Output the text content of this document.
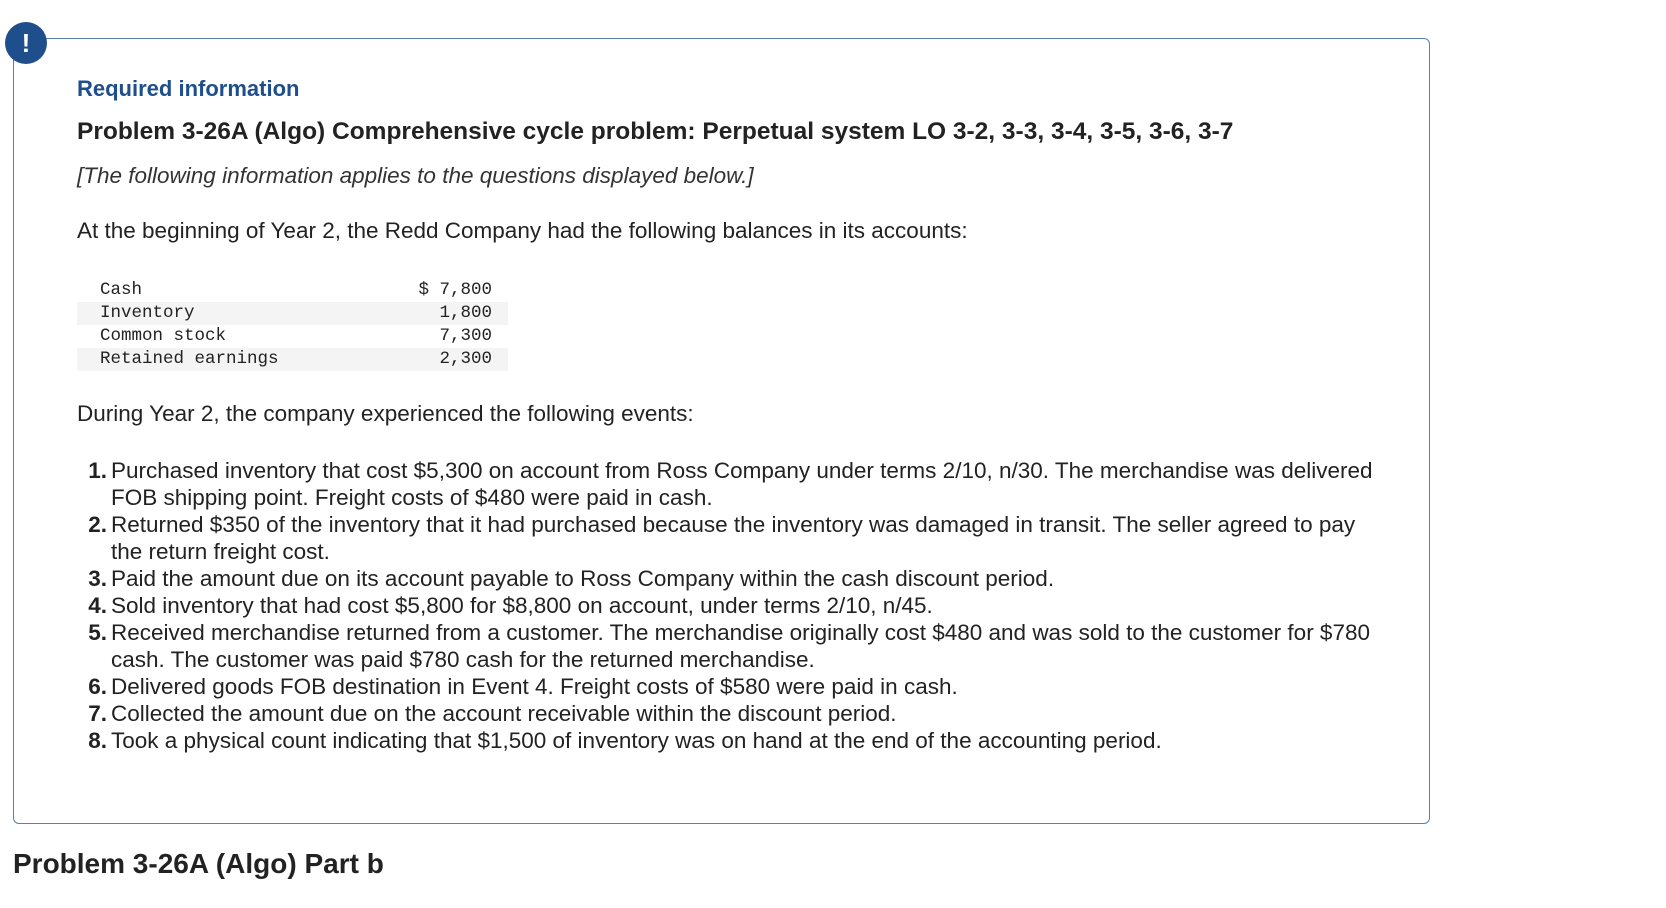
!
Required information
Problem 3-26A (Algo) Comprehensive cycle problem: Perpetual system LO 3-2, 3-3, 3-4, 3-5, 3-6, 3-7
[The following information applies to the questions displayed below.]
At the beginning of Year 2, the Redd Company had the following balances in its accounts:
Cash	$ 7,800
Inventory	1,800
Common stock	7,300
Retained earnings	2,300
During Year 2, the company experienced the following events:
1. Purchased inventory that cost $5,300 on account from Ross Company under terms 2/10, n/30. The merchandise was delivered FOB shipping point. Freight costs of $480 were paid in cash.
2. Returned $350 of the inventory that it had purchased because the inventory was damaged in transit. The seller agreed to pay the return freight cost.
3. Paid the amount due on its account payable to Ross Company within the cash discount period.
4. Sold inventory that had cost $5,800 for $8,800 on account, under terms 2/10, n/45.
5. Received merchandise returned from a customer. The merchandise originally cost $480 and was sold to the customer for $780 cash. The customer was paid $780 cash for the returned merchandise.
6. Delivered goods FOB destination in Event 4. Freight costs of $580 were paid in cash.
7. Collected the amount due on the account receivable within the discount period.
8. Took a physical count indicating that $1,500 of inventory was on hand at the end of the accounting period.
Problem 3-26A (Algo) Part b
